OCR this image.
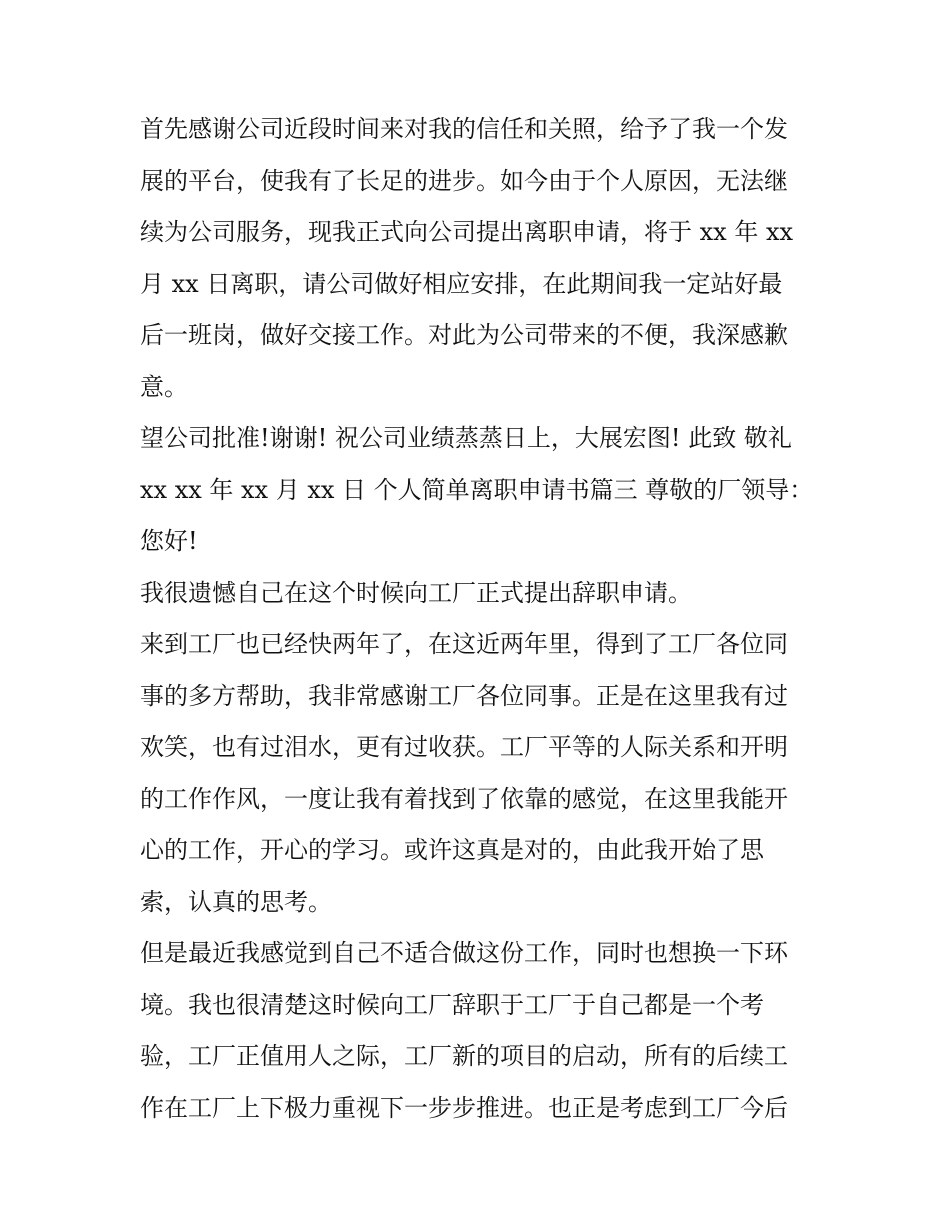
首先感谢公司近段时间来对我的信任和关照，给予了我一个发
展的平台，使我有了长足的进步。如今由于个人原因，无法继
续为公司服务，现我正式向公司提出离职申请，将于 xx 年 xx
月 xx 日离职，请公司做好相应安排，在此期间我一定站好最
后一班岗，做好交接工作。对此为公司带来的不便，我深感歉
意。
望公司批准!谢谢! 祝公司业绩蒸蒸日上，大展宏图! 此致 敬礼
xx xx 年 xx 月 xx 日 个人简单离职申请书篇三 尊敬的厂领导：
您好!
我很遗憾自己在这个时候向工厂正式提出辞职申请。
来到工厂也已经快两年了，在这近两年里，得到了工厂各位同
事的多方帮助，我非常感谢工厂各位同事。正是在这里我有过
欢笑，也有过泪水，更有过收获。工厂平等的人际关系和开明
的工作作风，一度让我有着找到了依靠的感觉，在这里我能开
心的工作，开心的学习。或许这真是对的，由此我开始了思
索，认真的思考。
但是最近我感觉到自己不适合做这份工作，同时也想换一下环
境。我也很清楚这时候向工厂辞职于工厂于自己都是一个考
验，工厂正值用人之际，工厂新的项目的启动，所有的后续工
作在工厂上下极力重视下一步步推进。也正是考虑到工厂今后
